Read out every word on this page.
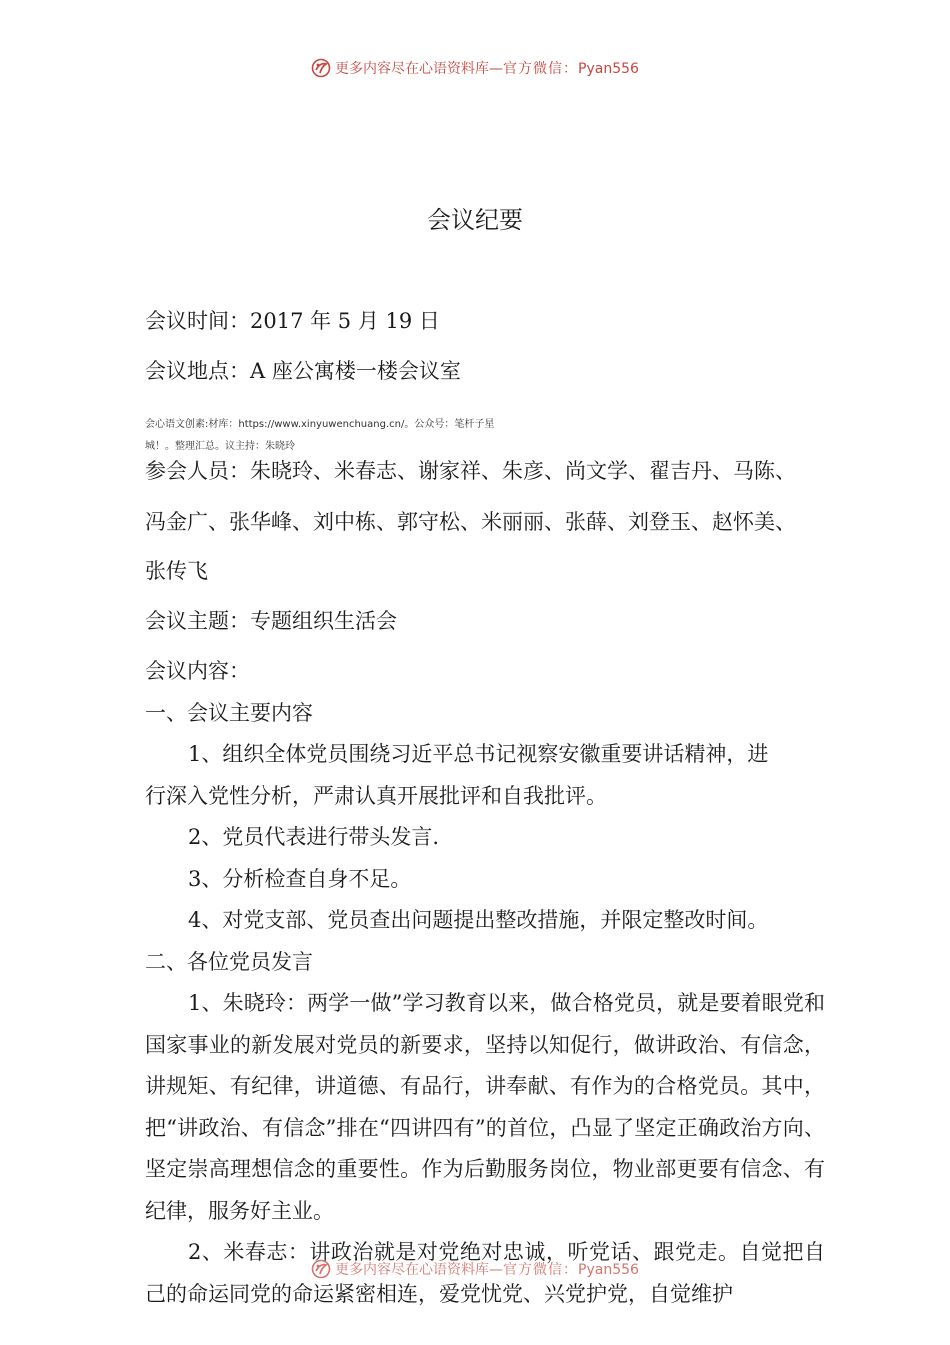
更多内容尽在心语资料库—官方微信：Pyan556
会议纪要
会议时间：2017 年 5 月 19 日
会议地点：A 座公寓楼一楼会议室
会心语文创素:材库：https://www.xinyuwenchuang.cn/。公众号：笔杆子星
城！。整理汇总。议主持：朱晓玲
参会人员：朱晓玲、米春志、谢家祥、朱彦、尚文学、翟吉丹、马陈、
冯金广、张华峰、刘中栋、郭守松、米丽丽、张薛、刘登玉、赵怀美、
张传飞
会议主题：专题组织生活会
会议内容：
一、会议主要内容
1、组织全体党员围绕习近平总书记视察安徽重要讲话精神，进
行深入党性分析，严肃认真开展批评和自我批评。
2、党员代表进行带头发言.
3、分析检查自身不足。
4、对党支部、党员查出问题提出整改措施，并限定整改时间。
二、各位党员发言
1、朱晓玲：两学一做”学习教育以来，做合格党员，就是要着眼党和国家事业的新发展对党员的新要求，坚持以知促行，做讲政治、有信念，讲规矩、有纪律，讲道德、有品行，讲奉献、有作为的合格党员。其中，把“讲政治、有信念”排在“四讲四有”的首位，凸显了坚定正确政治方向、坚定崇高理想信念的重要性。作为后勤服务岗位，物业部更要有信念、有纪律，服务好主业。
2、米春志：讲政治就是对党绝对忠诚，听党话、跟党走。自觉把自己的命运同党的命运紧密相连，爱党忧党、兴党护党，自觉维护
更多内容尽在心语资料库—官方微信：Pyan556
